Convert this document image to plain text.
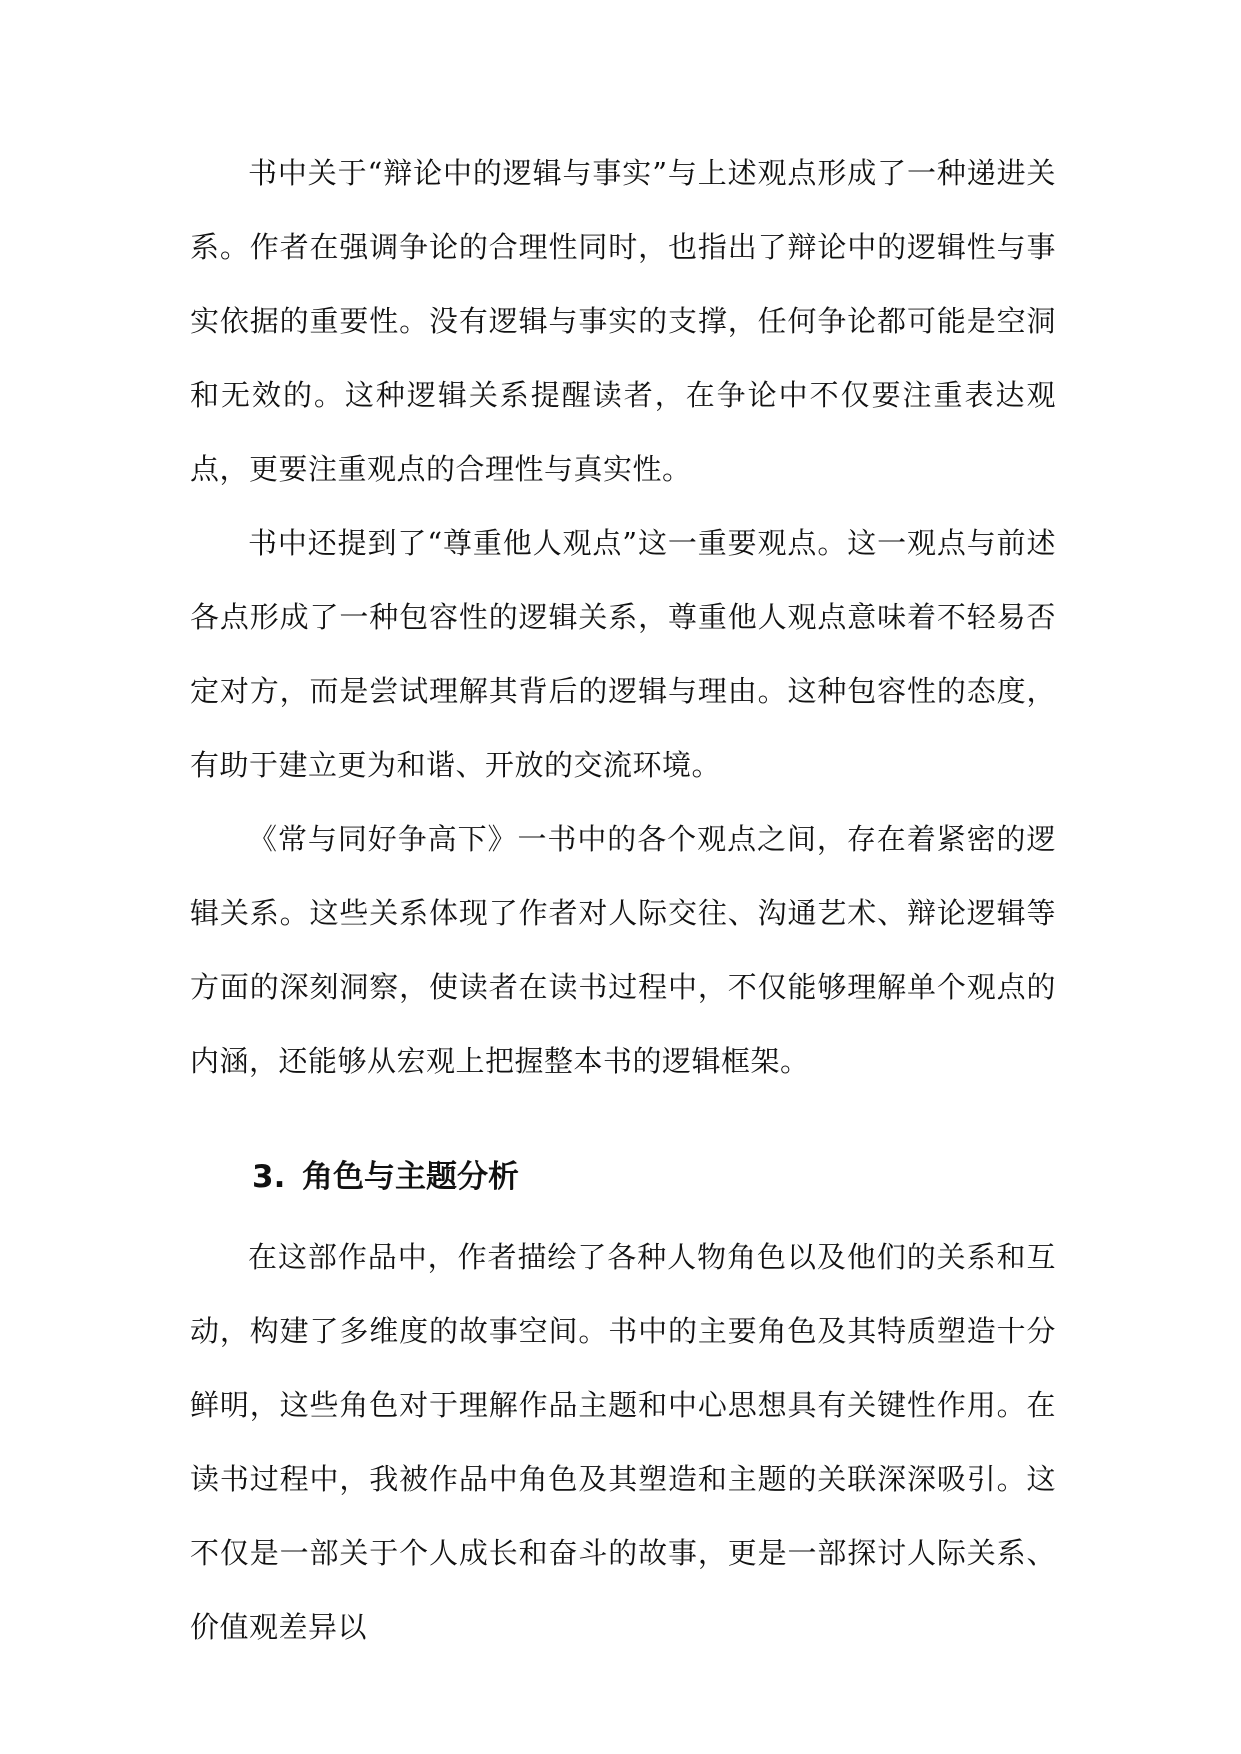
书中关于“辩论中的逻辑与事实”与上述观点形成了一种递进关系。作者在强调争论的合理性同时，也指出了辩论中的逻辑性与事实依据的重要性。没有逻辑与事实的支撑，任何争论都可能是空洞和无效的。这种逻辑关系提醒读者，在争论中不仅要注重表达观点，更要注重观点的合理性与真实性。

书中还提到了“尊重他人观点”这一重要观点。这一观点与前述各点形成了一种包容性的逻辑关系，尊重他人观点意味着不轻易否定对方，而是尝试理解其背后的逻辑与理由。这种包容性的态度，有助于建立更为和谐、开放的交流环境。

《常与同好争高下》一书中的各个观点之间，存在着紧密的逻辑关系。这些关系体现了作者对人际交往、沟通艺术、辩论逻辑等方面的深刻洞察，使读者在读书过程中，不仅能够理解单个观点的内涵，还能够从宏观上把握整本书的逻辑框架。

3. 角色与主题分析

在这部作品中，作者描绘了各种人物角色以及他们的关系和互动，构建了多维度的故事空间。书中的主要角色及其特质塑造十分鲜明，这些角色对于理解作品主题和中心思想具有关键性作用。在读书过程中，我被作品中角色及其塑造和主题的关联深深吸引。这不仅是一部关于个人成长和奋斗的故事，更是一部探讨人际关系、价值观差异以
